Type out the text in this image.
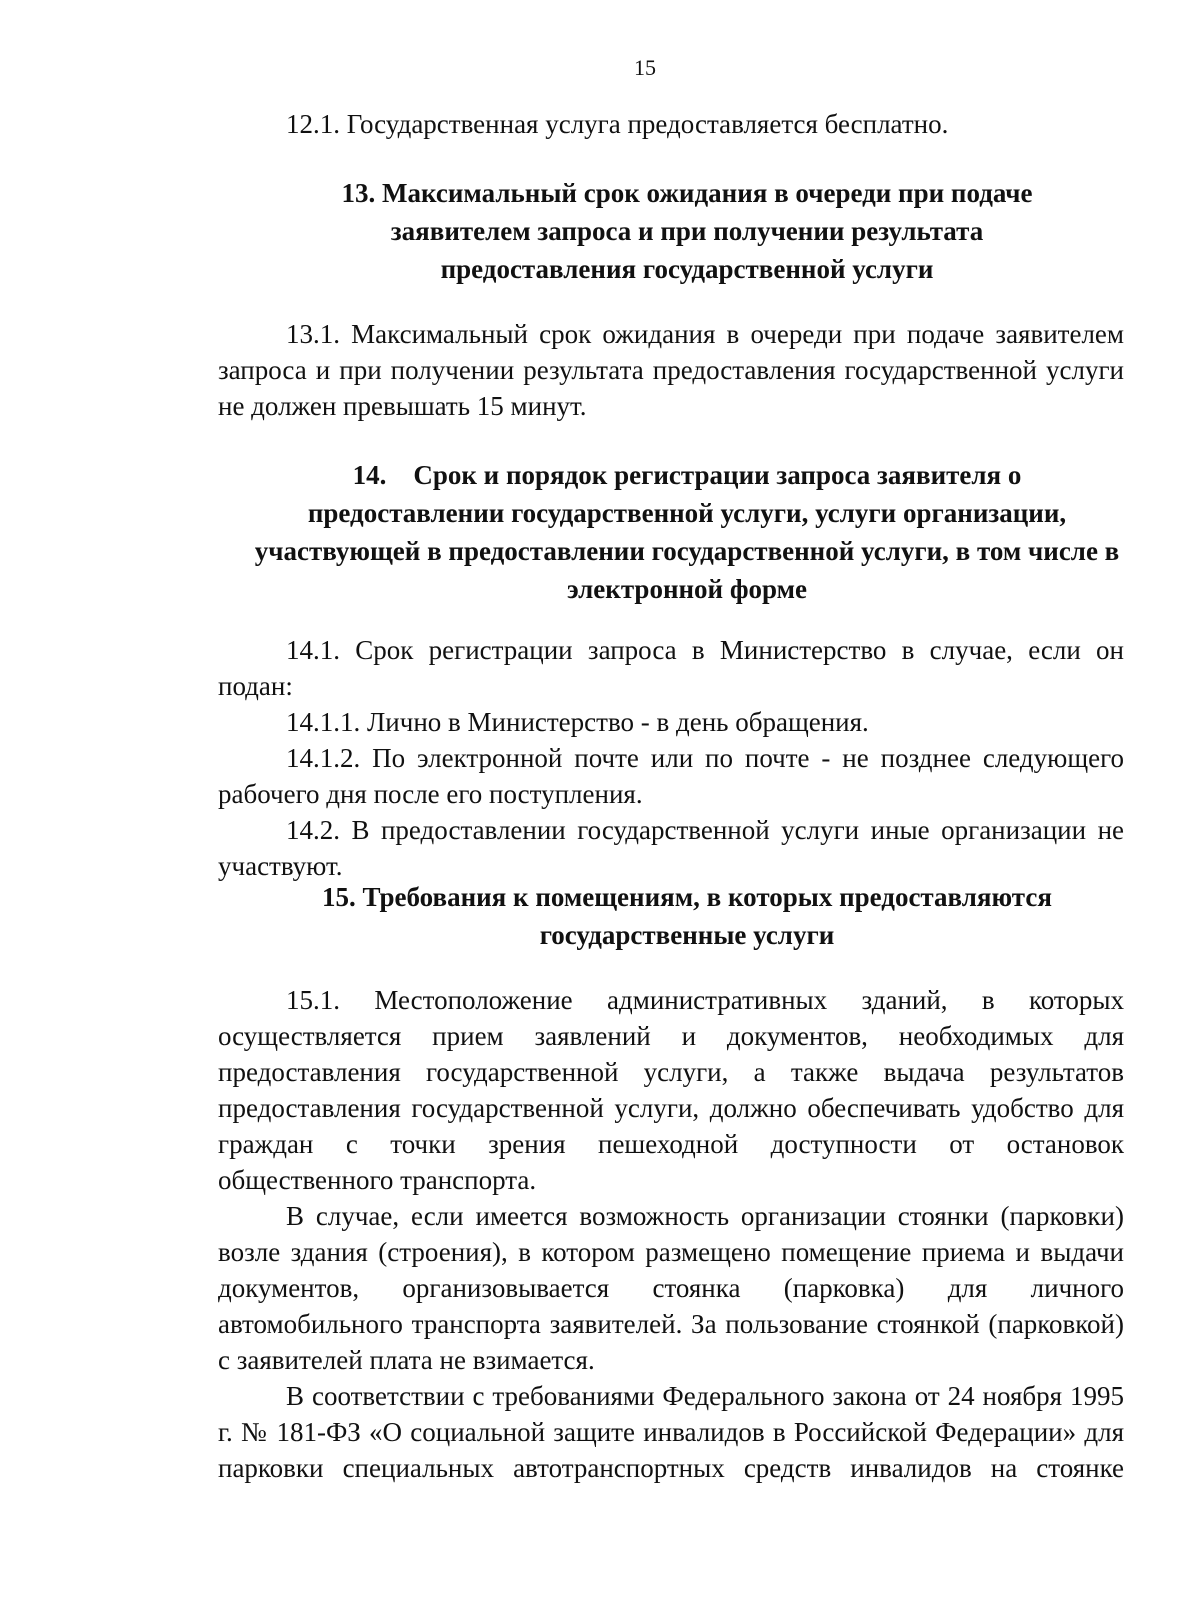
15

12.1. Государственная услуга предоставляется бесплатно.

13. Максимальный срок ожидания в очереди при подаче
заявителем запроса и при получении результата
предоставления государственной услуги

13.1. Максимальный срок ожидания в очереди при подаче заявителем запроса и при получении результата предоставления государственной услуги не должен превышать 15 минут.

14.    Срок и порядок регистрации запроса заявителя о
предоставлении государственной услуги, услуги организации,
участвующей в предоставлении государственной услуги, в том числе в
электронной форме

14.1. Срок регистрации запроса в Министерство в случае, если он подан:

14.1.1. Лично в Министерство - в день обращения.

14.1.2. По электронной почте или по почте - не позднее следующего рабочего дня после его поступления.

14.2. В предоставлении государственной услуги иные организации не участвуют.

15. Требования к помещениям, в которых предоставляются
государственные услуги

15.1. Местоположение административных зданий, в которых осуществляется прием заявлений и документов, необходимых для предоставления государственной услуги, а также выдача результатов предоставления государственной услуги, должно обеспечивать удобство для граждан с точки зрения пешеходной доступности от остановок общественного транспорта.

В случае, если имеется возможность организации стоянки (парковки) возле здания (строения), в котором размещено помещение приема и выдачи документов, организовывается стоянка (парковка) для личного автомобильного транспорта заявителей. За пользование стоянкой (парковкой) с заявителей плата не взимается.

В соответствии с требованиями Федерального закона от 24 ноября 1995 г. № 181-ФЗ «О социальной защите инвалидов в Российской Федерации» для парковки специальных автотранспортных средств инвалидов на стоянке
